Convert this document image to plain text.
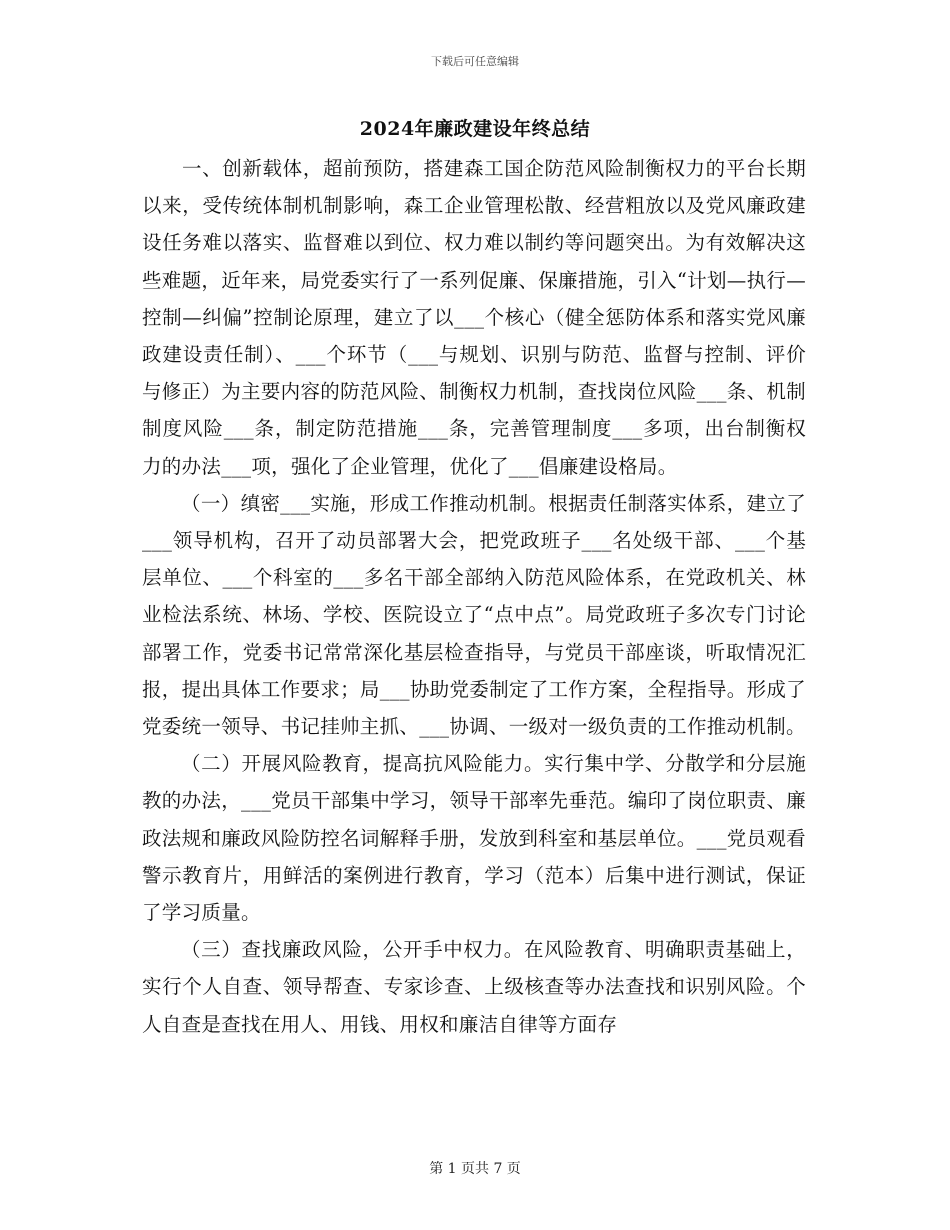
下载后可任意编辑
2024年廉政建设年终总结

一、创新载体，超前预防，搭建森工国企防范风险制衡权力的平台长期以来，受传统体制机制影响，森工企业管理松散、经营粗放以及党风廉政建设任务难以落实、监督难以到位、权力难以制约等问题突出。为有效解决这些难题，近年来，局党委实行了一系列促廉、保廉措施，引入“计划—执行—控制—纠偏”控制论原理，建立了以___个核心（健全惩防体系和落实党风廉政建设责任制）、___个环节（___与规划、识别与防范、监督与控制、评价与修正）为主要内容的防范风险、制衡权力机制，查找岗位风险___条、机制制度风险___条，制定防范措施___条，完善管理制度___多项，出台制衡权力的办法___项，强化了企业管理，优化了___倡廉建设格局。

（一）缜密___实施，形成工作推动机制。根据责任制落实体系，建立了___领导机构，召开了动员部署大会，把党政班子___名处级干部、___个基层单位、___个科室的___多名干部全部纳入防范风险体系，在党政机关、林业检法系统、林场、学校、医院设立了“点中点”。局党政班子多次专门讨论部署工作，党委书记常常深化基层检查指导，与党员干部座谈，听取情况汇报，提出具体工作要求；局___协助党委制定了工作方案，全程指导。形成了党委统一领导、书记挂帅主抓、___协调、一级对一级负责的工作推动机制。

（二）开展风险教育，提高抗风险能力。实行集中学、分散学和分层施教的办法，___党员干部集中学习，领导干部率先垂范。编印了岗位职责、廉政法规和廉政风险防控名词解释手册，发放到科室和基层单位。___党员观看警示教育片，用鲜活的案例进行教育，学习（范本）后集中进行测试，保证了学习质量。

（三）查找廉政风险，公开手中权力。在风险教育、明确职责基础上，实行个人自查、领导帮查、专家诊查、上级核查等办法查找和识别风险。个人自查是查找在用人、用钱、用权和廉洁自律等方面存

第 1 页共 7 页
